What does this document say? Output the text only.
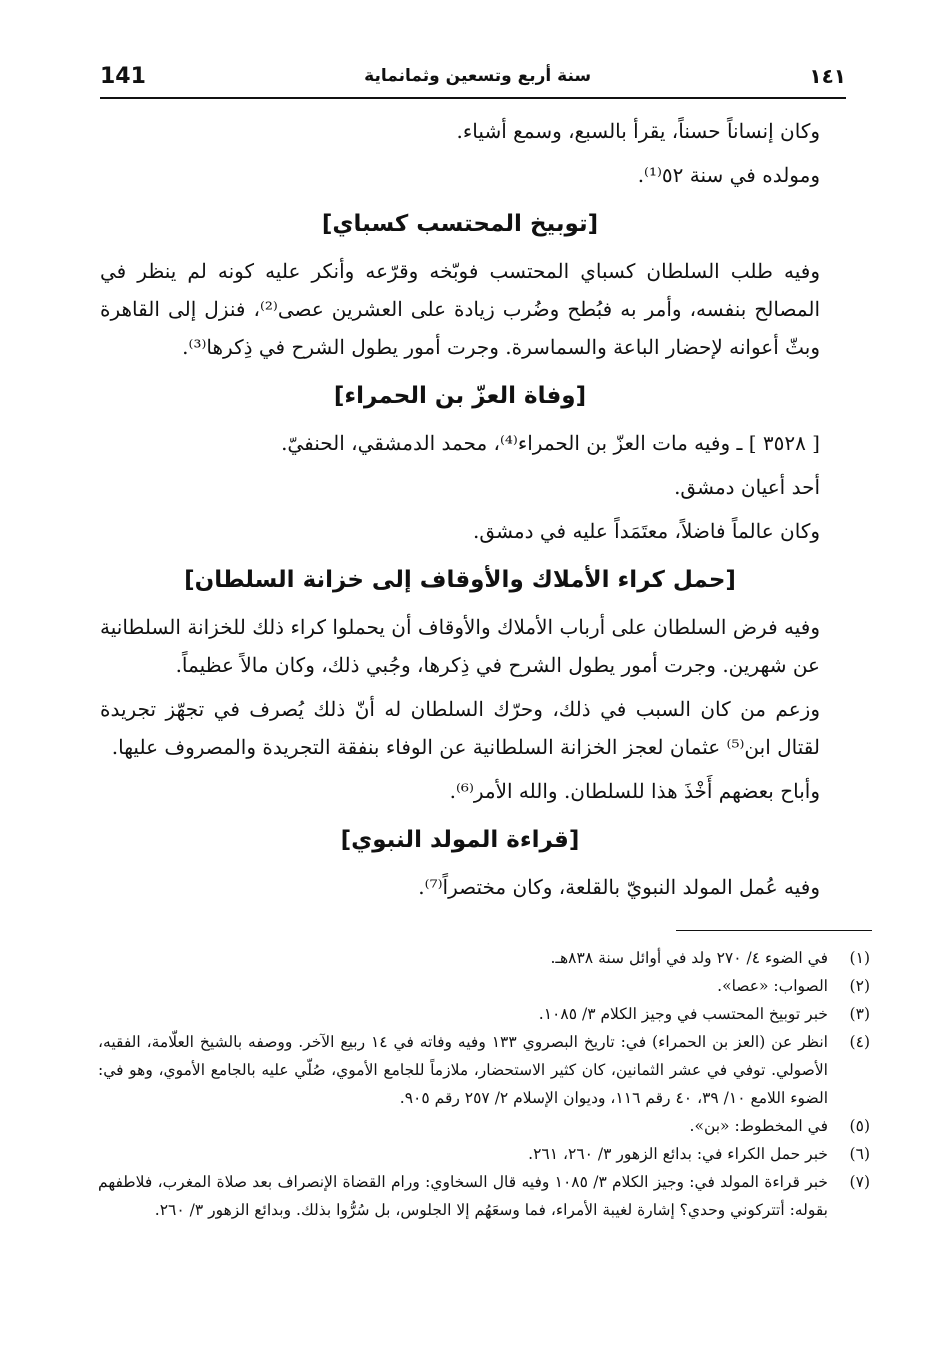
141	سنة أربع وتسعين وثمانماية	١٤١

وكان إنساناً حسناً، يقرأ بالسبع، وسمع أشياء.

ومولده في سنة ٥٢⁽¹⁾.

[توبيخ المحتسب كسباي]

وفيه طلب السلطان كسباي المحتسب فوبّخه وقرّعه وأنكر عليه كونه لم ينظر في المصالح بنفسه، وأمر به فبُطح وضُرب زيادة على العشرين عصى⁽²⁾، فنزل إلى القاهرة وبثّ أعوانه لإحضار الباعة والسماسرة. وجرت أمور يطول الشرح في ذِكرها⁽³⁾.

[وفاة العزّ بن الحمراء]

[ ٣٥٢٨ ] ـ وفيه مات العزّ بن الحمراء⁽⁴⁾، محمد الدمشقي، الحنفيّ.

أحد أعيان دمشق.

وكان عالماً فاضلاً، معتَمَداً عليه في دمشق.

[حمل كراء الأملاك والأوقاف إلى خزانة السلطان]

وفيه فرض السلطان على أرباب الأملاك والأوقاف أن يحملوا كراء ذلك للخزانة السلطانية عن شهرين. وجرت أمور يطول الشرح في ذِكرها، وجُبي ذلك، وكان مالاً عظيماً.

وزعم من كان السبب في ذلك، وحرّك السلطان له أنّ ذلك يُصرف في تجهّز تجريدة لقتال ابن⁽⁵⁾ عثمان لعجز الخزانة السلطانية عن الوفاء بنفقة التجريدة والمصروف عليها.

وأباح بعضهم أَخْذَ هذا للسلطان. والله الأمر⁽⁶⁾.

[قراءة المولد النبوي]

وفيه عُمل المولد النبويّ بالقلعة، وكان مختصراً⁽⁷⁾.

(١)
في الضوء ٤/ ٢٧٠ ولد في أوائل سنة ٨٣٨هـ.
(٢)
الصواب: «عصا».
(٣)
خبر توبيخ المحتسب في وجيز الكلام ٣/ ١٠٨٥.
(٤)
انظر عن (العز بن الحمراء) في: تاريخ البصروي ١٣٣ وفيه وفاته في ١٤ ربيع الآخر. ووصفه بالشيخ العلّامة، الفقيه، الأصولي. توفي في عشر الثمانين، كان كثير الاستحضار، ملازماً للجامع الأموي، صُلّي عليه بالجامع الأموي، وهو في: الضوء اللامع ١٠/ ٣٩، ٤٠ رقم ١١٦، وديوان الإسلام ٢/ ٢٥٧ رقم ٩٠٥.
(٥)
في المخطوط: «بن».
(٦)
خبر حمل الكراء في: بدائع الزهور ٣/ ٢٦٠، ٢٦١.
(٧)
خبر قراءة المولد في: وجيز الكلام ٣/ ١٠٨٥ وفيه قال السخاوي: ورام القضاة الإنصراف بعد صلاة المغرب، فلاطفهم بقوله: أتتركوني وحدي؟ إشارة لغيبة الأمراء، فما وسعَهُم إلا الجلوس، بل سُرُّوا بذلك. وبدائع الزهور ٣/ ٢٦٠.
